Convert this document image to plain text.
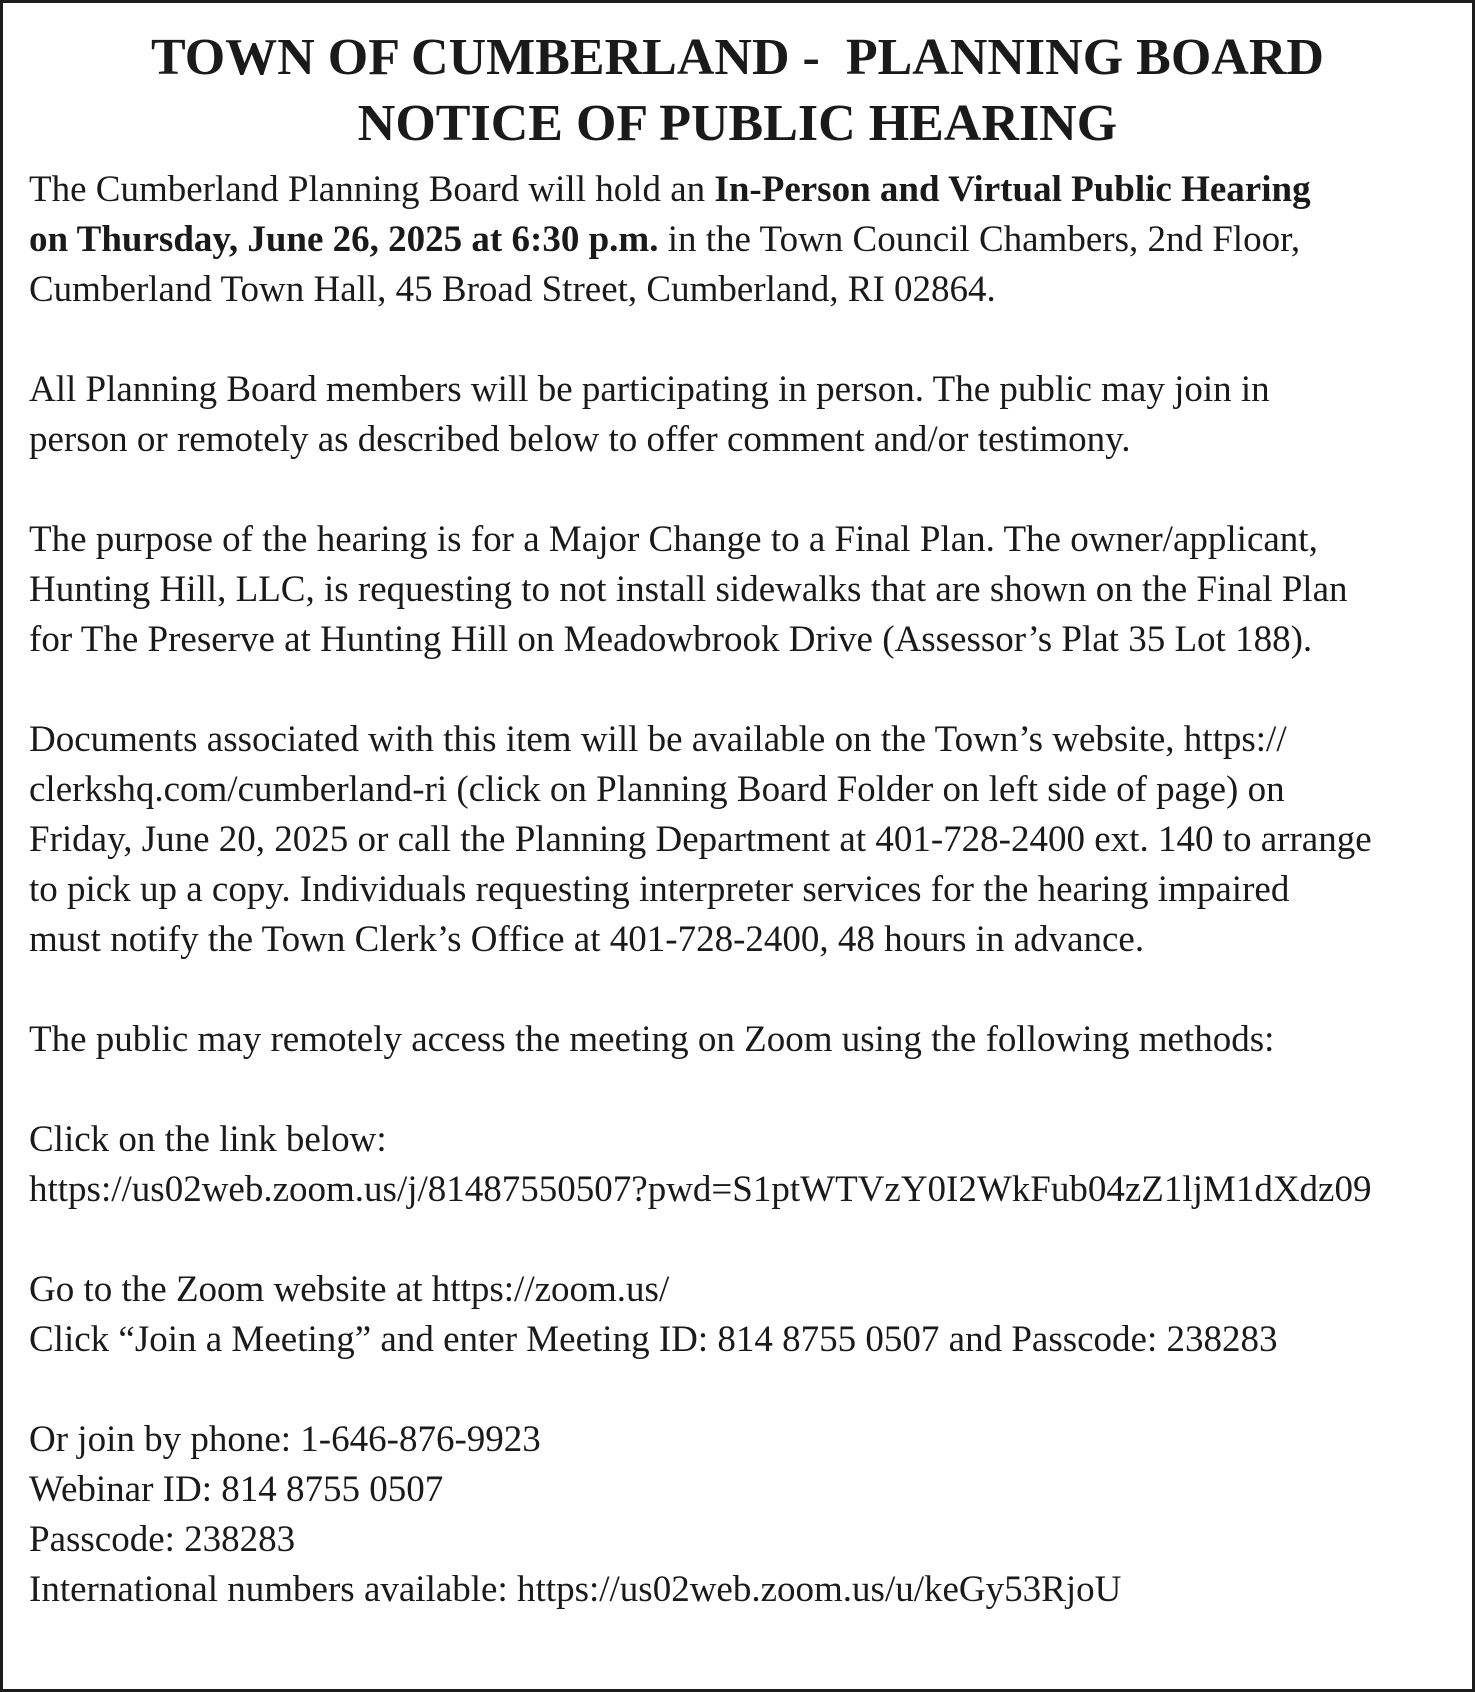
TOWN OF CUMBERLAND -  PLANNING BOARD
NOTICE OF PUBLIC HEARING
The Cumberland Planning Board will hold an In-Person and Virtual Public Hearing
on Thursday, June 26, 2025 at 6:30 p.m. in the Town Council Chambers, 2nd Floor,
Cumberland Town Hall, 45 Broad Street, Cumberland, RI 02864.
All Planning Board members will be participating in person. The public may join in
person or remotely as described below to offer comment and/or testimony.
The purpose of the hearing is for a Major Change to a Final Plan. The owner/applicant,
Hunting Hill, LLC, is requesting to not install sidewalks that are shown on the Final Plan
for The Preserve at Hunting Hill on Meadowbrook Drive (Assessor’s Plat 35 Lot 188).
Documents associated with this item will be available on the Town’s website, https://
clerkshq.com/cumberland-ri (click on Planning Board Folder on left side of page) on
Friday, June 20, 2025 or call the Planning Department at 401-728-2400 ext. 140 to arrange
to pick up a copy. Individuals requesting interpreter services for the hearing impaired
must notify the Town Clerk’s Office at 401-728-2400, 48 hours in advance.
The public may remotely access the meeting on Zoom using the following methods:
Click on the link below:
https://us02web.zoom.us/j/81487550507?pwd=S1ptWTVzY0I2WkFub04zZ1ljM1dXdz09
Go to the Zoom website at https://zoom.us/
Click “Join a Meeting” and enter Meeting ID: 814 8755 0507 and Passcode: 238283
Or join by phone: 1-646-876-9923
Webinar ID: 814 8755 0507
Passcode: 238283
International numbers available: https://us02web.zoom.us/u/keGy53RjoU
